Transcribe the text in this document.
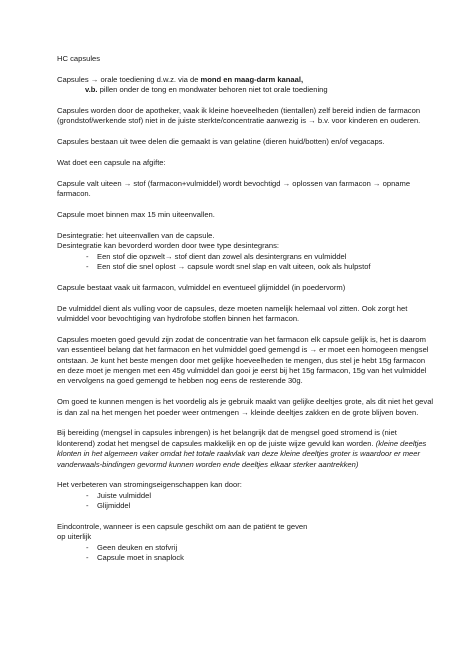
HC capsules

Capsules → orale toediening d.w.z. via de mond en maag-darm kanaal,

v.b. pillen onder de tong en mondwater behoren niet tot orale toediening

Capsules worden door de apotheker, vaak ik kleine hoeveelheden (tientallen) zelf bereid indien de farmacon (grondstof/werkende stof) niet in de juiste sterkte/concentratie aanwezig is → b.v. voor kinderen en ouderen.

Capsules bestaan uit twee delen die gemaakt is van gelatine (dieren huid/botten) en/of vegacaps.

Wat doet een capsule na afgifte:

Capsule valt uiteen → stof (farmacon+vulmiddel) wordt bevochtigd → oplossen van farmacon → opname farmacon.

Capsule moet binnen max 15 min uiteenvallen.

Desintegratie: het uiteenvallen van de capsule.

Desintegratie kan bevorderd worden door twee type desintegrans:

- Een stof die opzwelt→ stof dient dan zowel als desintergrans en vulmiddel
- Een stof die snel oplost → capsule wordt snel slap en valt uiteen, ook als hulpstof

Capsule bestaat vaak uit farmacon, vulmiddel en eventueel glijmiddel (in poedervorm)

De vulmiddel dient als vulling voor de capsules, deze moeten namelijk helemaal vol zitten. Ook zorgt het vulmiddel voor bevochtiging van hydrofobe stoffen binnen het farmacon.

Capsules moeten goed gevuld zijn zodat de concentratie van het farmacon elk capsule gelijk is, het is daarom van essentieel belang dat het farmacon en het vulmiddel goed gemengd is → er moet een homogeen mengsel ontstaan. Je kunt het beste mengen door met gelijke hoeveelheden te mengen, dus stel je hebt 15g farmacon en deze moet je mengen met een 45g vulmiddel dan gooi je eerst bij het 15g farmacon, 15g van het vulmiddel en vervolgens na goed gemengd te hebben nog eens de resterende 30g.

Om goed te kunnen mengen is het voordelig als je gebruik maakt van gelijke deeltjes grote, als dit niet het geval is dan zal na het mengen het poeder weer ontmengen → kleinde deeltjes zakken en de grote blijven boven.

Bij bereiding (mengsel in capsules inbrengen) is het belangrijk dat de mengsel goed stromend is (niet klonterend) zodat het mengsel de capsules makkelijk en op de juiste wijze gevuld kan worden. (kleine deeltjes klonten in het algemeen vaker omdat het totale raakvlak van deze kleine deeltjes groter is waardoor er meer vanderwaals-bindingen gevormd kunnen worden ende deeltjes elkaar sterker aantrekken)

Het verbeteren van stromingseigenschappen kan door:

- Juiste vulmiddel
- Glijmiddel

Eindcontrole, wanneer is een capsule geschikt om aan de patiënt te geven

op uiterlijk

- Geen deuken en stofvrij
- Capsule moet in snaplock
